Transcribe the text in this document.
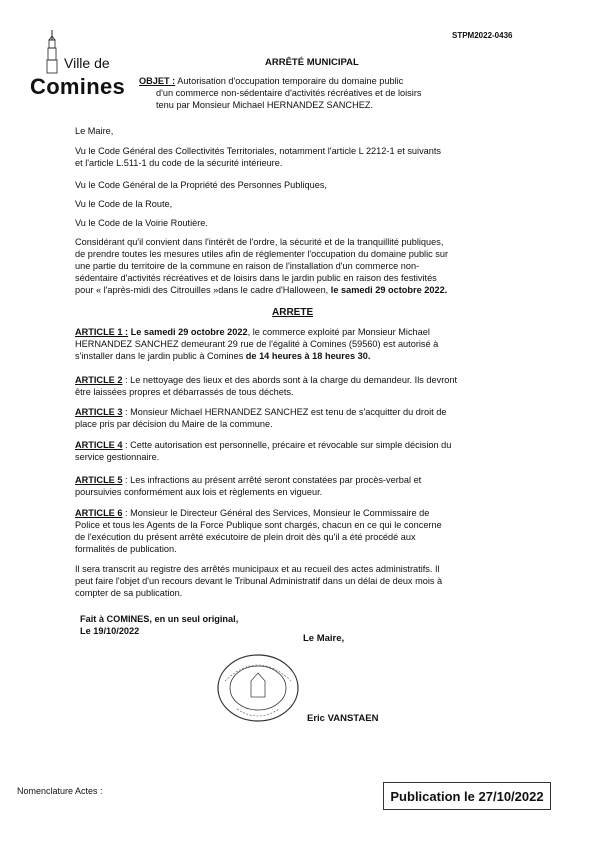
STPM2022-0436
Ville de
Comines
ARRÊTÉ MUNICIPAL
OBJET : Autorisation d'occupation temporaire du domaine public
d'un commerce non-sédentaire d'activités récréatives et de loisirs
tenu par Monsieur Michael HERNANDEZ SANCHEZ.
Le Maire,
Vu le Code Général des Collectivités Territoriales, notamment l'article L 2212-1 et suivants
et l'article L.511-1 du code de la sécurité intérieure.
Vu le Code Général de la Propriété des Personnes Publiques,
Vu le Code de la Route,
Vu le Code de la Voirie Routière.
Considérant qu'il convient dans l'intérêt de l'ordre, la sécurité et de la tranquillité publiques,
de prendre toutes les mesures utiles afin de réglementer l'occupation du domaine public sur
une partie du territoire de la commune en raison de l'installation d'un commerce non-
sédentaire d'activités récréatives et de loisirs dans le jardin public en raison des festivités
pour « l'après-midi des Citrouilles »dans le cadre d'Halloween, le samedi 29 octobre 2022.
ARRETE
ARTICLE 1 : Le samedi 29 octobre 2022, le commerce exploité par Monsieur Michael
HERNANDEZ SANCHEZ demeurant 29 rue de l'égalité à Comines (59560) est autorisé à
s'installer dans le jardin public à Comines de 14 heures à 18 heures 30.
ARTICLE 2 : Le nettoyage des lieux et des abords sont à la charge du demandeur. Ils devront
être laissées propres et débarrassés de tous déchets.
ARTICLE 3 : Monsieur Michael HERNANDEZ SANCHEZ est tenu de s'acquitter du droit de
place pris par décision du Maire de la commune.
ARTICLE 4 : Cette autorisation est personnelle, précaire et révocable sur simple décision du
service gestionnaire.
ARTICLE 5 : Les infractions au présent arrêté seront constatées par procès-verbal et
poursuivies conformément aux lois et règlements en vigueur.
ARTICLE 6 : Monsieur le Directeur Général des Services, Monsieur le Commissaire de
Police et tous les Agents de la Force Publique sont chargés, chacun en ce qui le concerne
de l'exécution du présent arrêté exécutoire de plein droit dès qu'il a été procédé aux
formalités de publication.
Il sera transcrit au registre des arrêtés municipaux et au recueil des actes administratifs. Il
peut faire l'objet d'un recours devant le Tribunal Administratif dans un délai de deux mois à
compter de sa publication.
Fait à COMINES, en un seul original,
Le 19/10/2022
Le Maire,
Eric VANSTAEN
Nomenclature Actes :	Publication le 27/10/2022
